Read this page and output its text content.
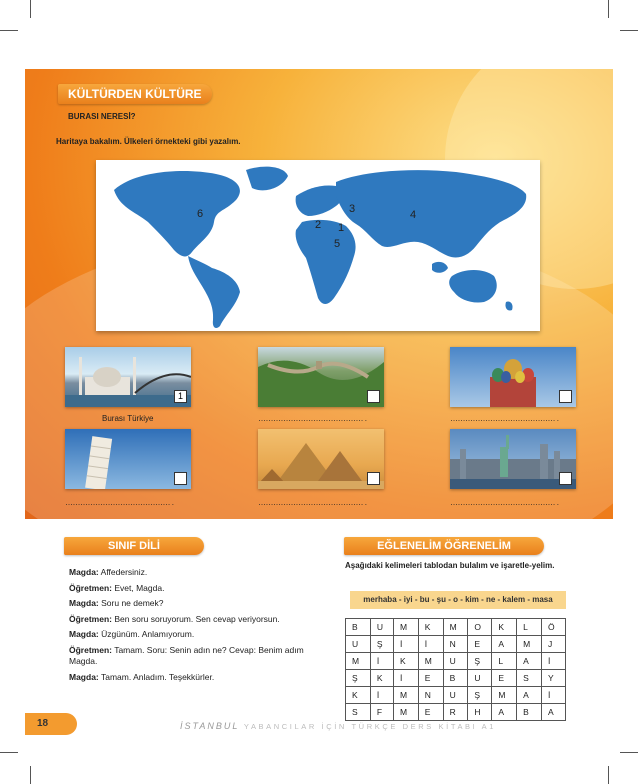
KÜLTÜRDEN KÜLTÜRE
BURASI NERESİ?
Haritaya bakalım. Ülkeleri örnekteki gibi yazalım.
6
2
3
1
5
4
1
Burası Türkiye	…………………………………… .	…………………………………… .
…………………………………… .	…………………………………… .	…………………………………… .
SINIF DİLİ
Magda: Affedersiniz.
Öğretmen: Evet, Magda.
Magda: Soru ne demek?
Öğretmen: Ben soru soruyorum. Sen cevap veriyorsun.
Magda: Üzgünüm. Anlamıyorum.
Öğretmen: Tamam. Soru: Senin adın ne? Cevap: Benim adım Magda.
Magda: Tamam. Anladım. Teşekkürler.
EĞLENELİM ÖĞRENELİM
Aşağıdaki kelimeleri tablodan bulalım ve işaretle-yelim.
merhaba - iyi - bu - şu - o - kim - ne - kalem - masa
B	U	M	K	M	O	K	L	Ö
U	Ş	İ	İ	N	E	A	M	J
M	İ	K	M	U	Ş	L	A	İ
Ş	K	İ	E	B	U	E	S	Y
K	İ	M	N	U	Ş	M	A	İ
S	F	M	E	R	H	A	B	A
18	İSTANBUL YABANCILAR İÇİN TÜRKÇE DERS KİTABI A1
